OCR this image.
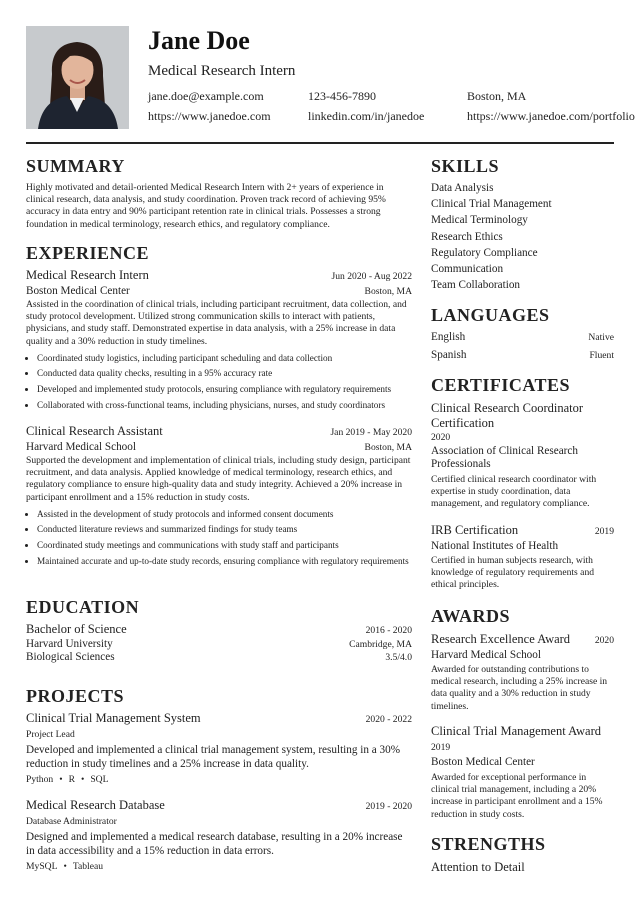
Jane Doe
Medical Research Intern
jane.doe@example.com	123-456-7890	Boston, MA
https://www.janedoe.com	linkedin.com/in/janedoe	https://www.janedoe.com/portfolio
SUMMARY
Highly motivated and detail-oriented Medical Research Intern with 2+ years of experience in clinical research, data analysis, and study coordination. Proven track record of achieving 95% accuracy in data entry and 90% participant retention rate in clinical trials. Possesses a strong foundation in medical terminology, research ethics, and regulatory compliance.
EXPERIENCE
Medical Research Intern	Jun 2020 - Aug 2022
Boston Medical Center	Boston, MA
Assisted in the coordination of clinical trials, including participant recruitment, data collection, and study protocol development. Utilized strong communication skills to interact with patients, physicians, and study staff. Demonstrated expertise in data analysis, with a 25% increase in data quality and a 30% reduction in study timelines.
• Coordinated study logistics, including participant scheduling and data collection
• Conducted data quality checks, resulting in a 95% accuracy rate
• Developed and implemented study protocols, ensuring compliance with regulatory requirements
• Collaborated with cross-functional teams, including physicians, nurses, and study coordinators
Clinical Research Assistant	Jan 2019 - May 2020
Harvard Medical School	Boston, MA
Supported the development and implementation of clinical trials, including study design, participant recruitment, and data analysis. Applied knowledge of medical terminology, research ethics, and regulatory compliance to ensure high-quality data and study integrity. Achieved a 20% increase in participant enrollment and a 15% reduction in study costs.
• Assisted in the development of study protocols and informed consent documents
• Conducted literature reviews and summarized findings for study teams
• Coordinated study meetings and communications with study staff and participants
• Maintained accurate and up-to-date study records, ensuring compliance with regulatory requirements
EDUCATION
Bachelor of Science	2016 - 2020
Harvard University	Cambridge, MA
Biological Sciences	3.5/4.0
PROJECTS
Clinical Trial Management System	2020 - 2022
Project Lead
Developed and implemented a clinical trial management system, resulting in a 30% reduction in study timelines and a 25% increase in data quality.
Python • R • SQL
Medical Research Database	2019 - 2020
Database Administrator
Designed and implemented a medical research database, resulting in a 20% increase in data accessibility and a 15% reduction in data errors.
MySQL • Tableau
SKILLS
Data Analysis
Clinical Trial Management
Medical Terminology
Research Ethics
Regulatory Compliance
Communication
Team Collaboration
LANGUAGES
English	Native
Spanish	Fluent
CERTIFICATES
Clinical Research Coordinator Certification
2020
Association of Clinical Research Professionals
Certified clinical research coordinator with expertise in study coordination, data management, and regulatory compliance.
IRB Certification	2019
National Institutes of Health
Certified in human subjects research, with knowledge of regulatory requirements and ethical principles.
AWARDS
Research Excellence Award	2020
Harvard Medical School
Awarded for outstanding contributions to medical research, including a 25% increase in data quality and a 30% reduction in study timelines.
Clinical Trial Management Award
2019
Boston Medical Center
Awarded for exceptional performance in clinical trial management, including a 20% increase in participant enrollment and a 15% reduction in study costs.
STRENGTHS
Attention to Detail
